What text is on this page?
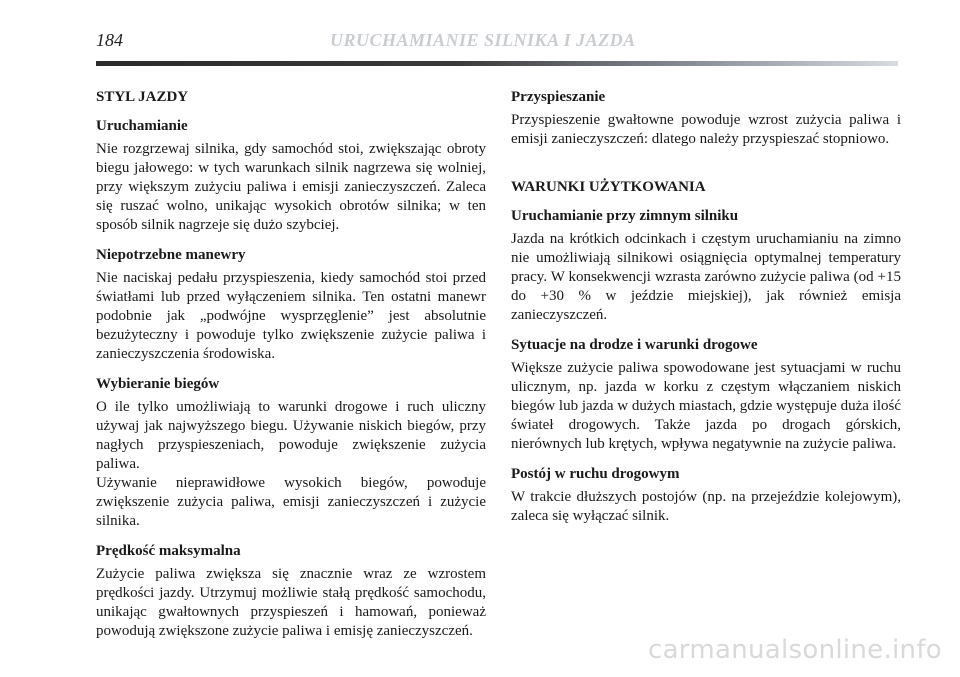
184	URUCHAMIANIE SILNIKA I JAZDA
STYL JAZDY
Uruchamianie
Nie rozgrzewaj silnika, gdy samochód stoi, zwiększając obroty biegu jałowego: w tych warunkach silnik nagrzewa się wolniej, przy większym zużyciu paliwa i emisji zanieczyszczeń. Zaleca się ruszać wolno, unikając wysokich obrotów silnika; w ten sposób silnik nagrzeje się dużo szybciej.
Niepotrzebne manewry
Nie naciskaj pedału przyspieszenia, kiedy samochód stoi przed światłami lub przed wyłączeniem silnika. Ten ostatni manewr podobnie jak „podwójne wysprzęglenie” jest absolutnie bezużyteczny i powoduje tylko zwiększenie zużycie paliwa i zanieczyszczenia środowiska.
Wybieranie biegów
O ile tylko umożliwiają to warunki drogowe i ruch uliczny używaj jak najwyższego biegu. Używanie niskich biegów, przy nagłych przyspieszeniach, powoduje zwiększenie zużycia paliwa.
Używanie nieprawidłowe wysokich biegów, powoduje zwiększenie zużycia paliwa, emisji zanieczyszczeń i zużycie silnika.
Prędkość maksymalna
Zużycie paliwa zwiększa się znacznie wraz ze wzrostem prędkości jazdy. Utrzymuj możliwie stałą prędkość samochodu, unikając gwałtownych przyspieszeń i hamowań, ponieważ powodują zwiększone zużycie paliwa i emisję zanieczyszczeń.
Przyspieszanie
Przyspieszenie gwałtowne powoduje wzrost zużycia paliwa i emisji zanieczyszczeń: dlatego należy przyspieszać stopniowo.
WARUNKI UŻYTKOWANIA
Uruchamianie przy zimnym silniku
Jazda na krótkich odcinkach i częstym uruchamianiu na zimno nie umożliwiają silnikowi osiągnięcia optymalnej temperatury pracy. W konsekwencji wzrasta zarówno zużycie paliwa (od +15 do +30 % w jeździe miejskiej), jak również emisja zanieczyszczeń.
Sytuacje na drodze i warunki drogowe
Większe zużycie paliwa spowodowane jest sytuacjami w ruchu ulicznym, np. jazda w korku z częstym włączaniem niskich biegów lub jazda w dużych miastach, gdzie występuje duża ilość świateł drogowych. Także jazda po drogach górskich, nierównych lub krętych, wpływa negatywnie na zużycie paliwa.
Postój w ruchu drogowym
W trakcie dłuższych postojów (np. na przejeździe kolejowym), zaleca się wyłączać silnik.
carmanualsonline.info
